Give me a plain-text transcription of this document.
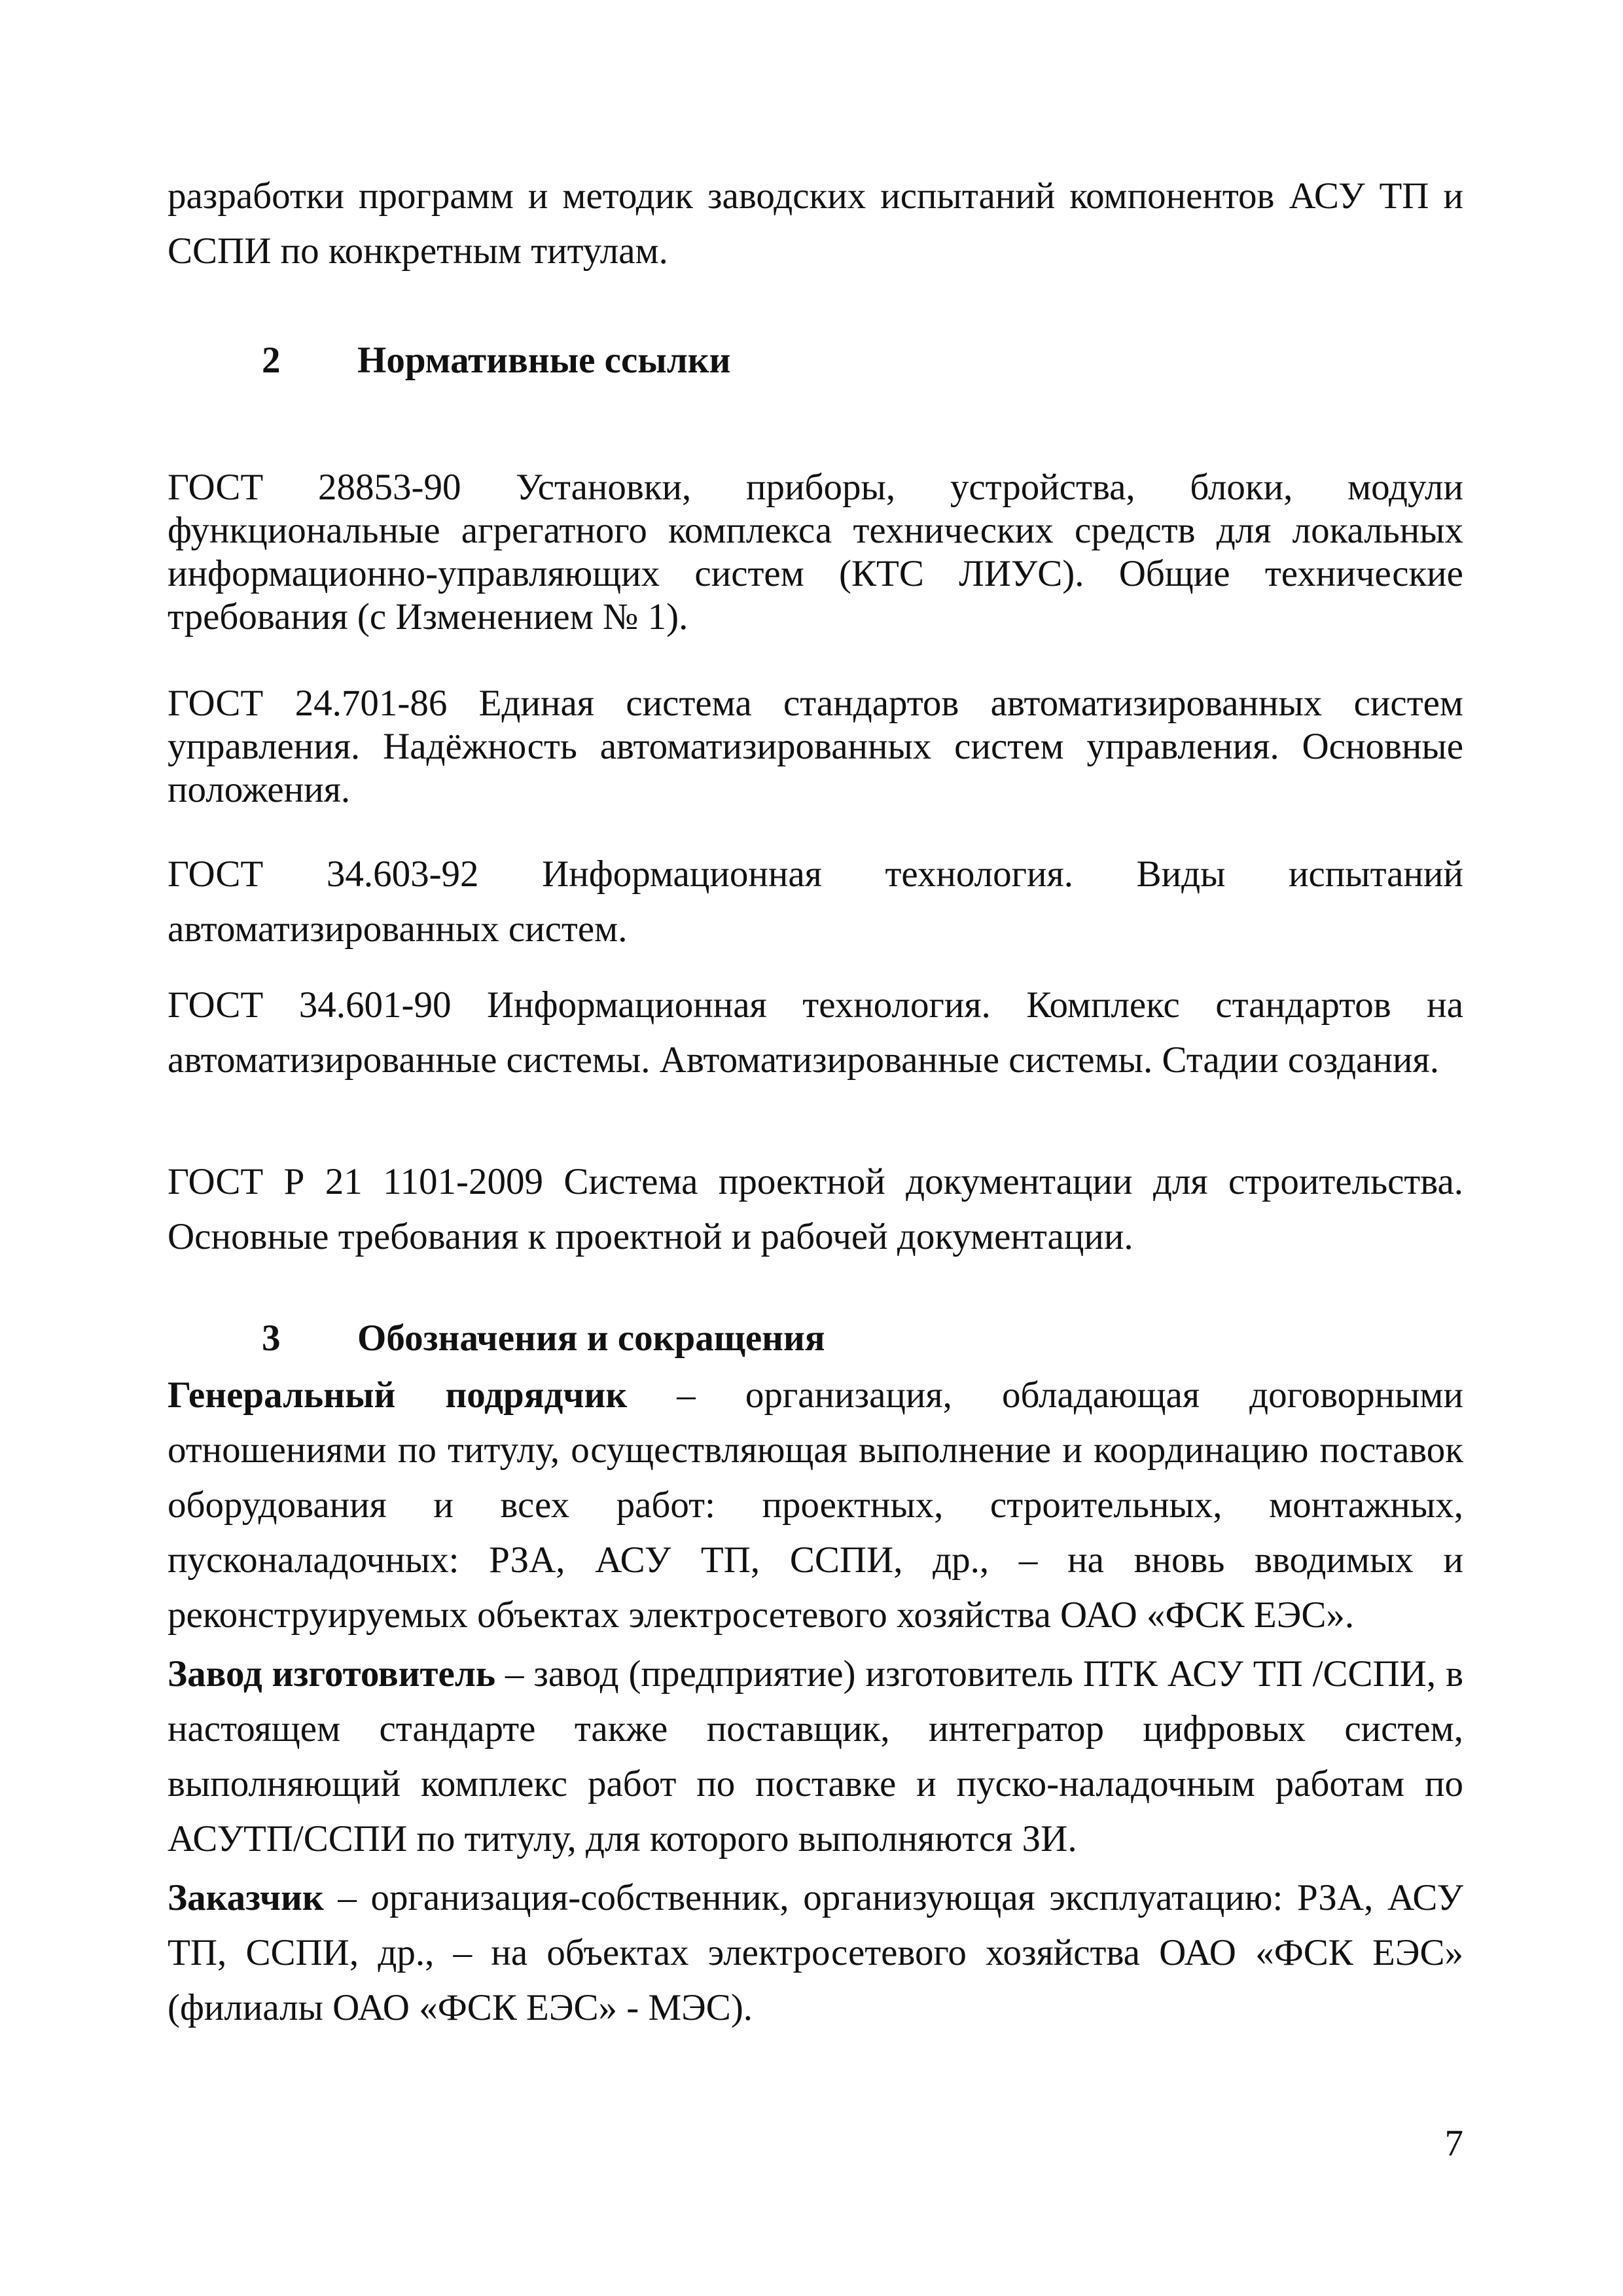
разработки программ и методик заводских испытаний компонентов АСУ ТП и ССПИ по конкретным титулам.

2 Нормативные ссылки

ГОСТ 28853-90 Установки, приборы, устройства, блоки, модули функциональные агрегатного комплекса технических средств для локальных информационно-управляющих систем (КТС ЛИУС). Общие технические требования (с Изменением № 1).

ГОСТ 24.701-86 Единая система стандартов автоматизированных систем управления. Надёжность автоматизированных систем управления. Основные положения.

ГОСТ 34.603-92 Информационная технология. Виды испытаний автоматизированных систем.

ГОСТ 34.601-90 Информационная технология. Комплекс стандартов на автоматизированные системы. Автоматизированные системы. Стадии создания.

ГОСТ Р 21 1101-2009 Система проектной документации для строительства. Основные требования к проектной и рабочей документации.

3 Обозначения и сокращения

Генеральный подрядчик – организация, обладающая договорными отношениями по титулу, осуществляющая выполнение и координацию поставок оборудования и всех работ: проектных, строительных, монтажных, пусконаладочных: РЗА, АСУ ТП, ССПИ, др., – на вновь вводимых и реконструируемых объектах электросетевого хозяйства ОАО «ФСК ЕЭС».

Завод изготовитель – завод (предприятие) изготовитель ПТК АСУ ТП /ССПИ, в настоящем стандарте также поставщик, интегратор цифровых систем, выполняющий комплекс работ по поставке и пуско-наладочным работам по АСУТП/ССПИ по титулу, для которого выполняются ЗИ.

Заказчик – организация-собственник, организующая эксплуатацию: РЗА, АСУ ТП, ССПИ, др., – на объектах электросетевого хозяйства ОАО «ФСК ЕЭС» (филиалы ОАО «ФСК ЕЭС» - МЭС).

7
